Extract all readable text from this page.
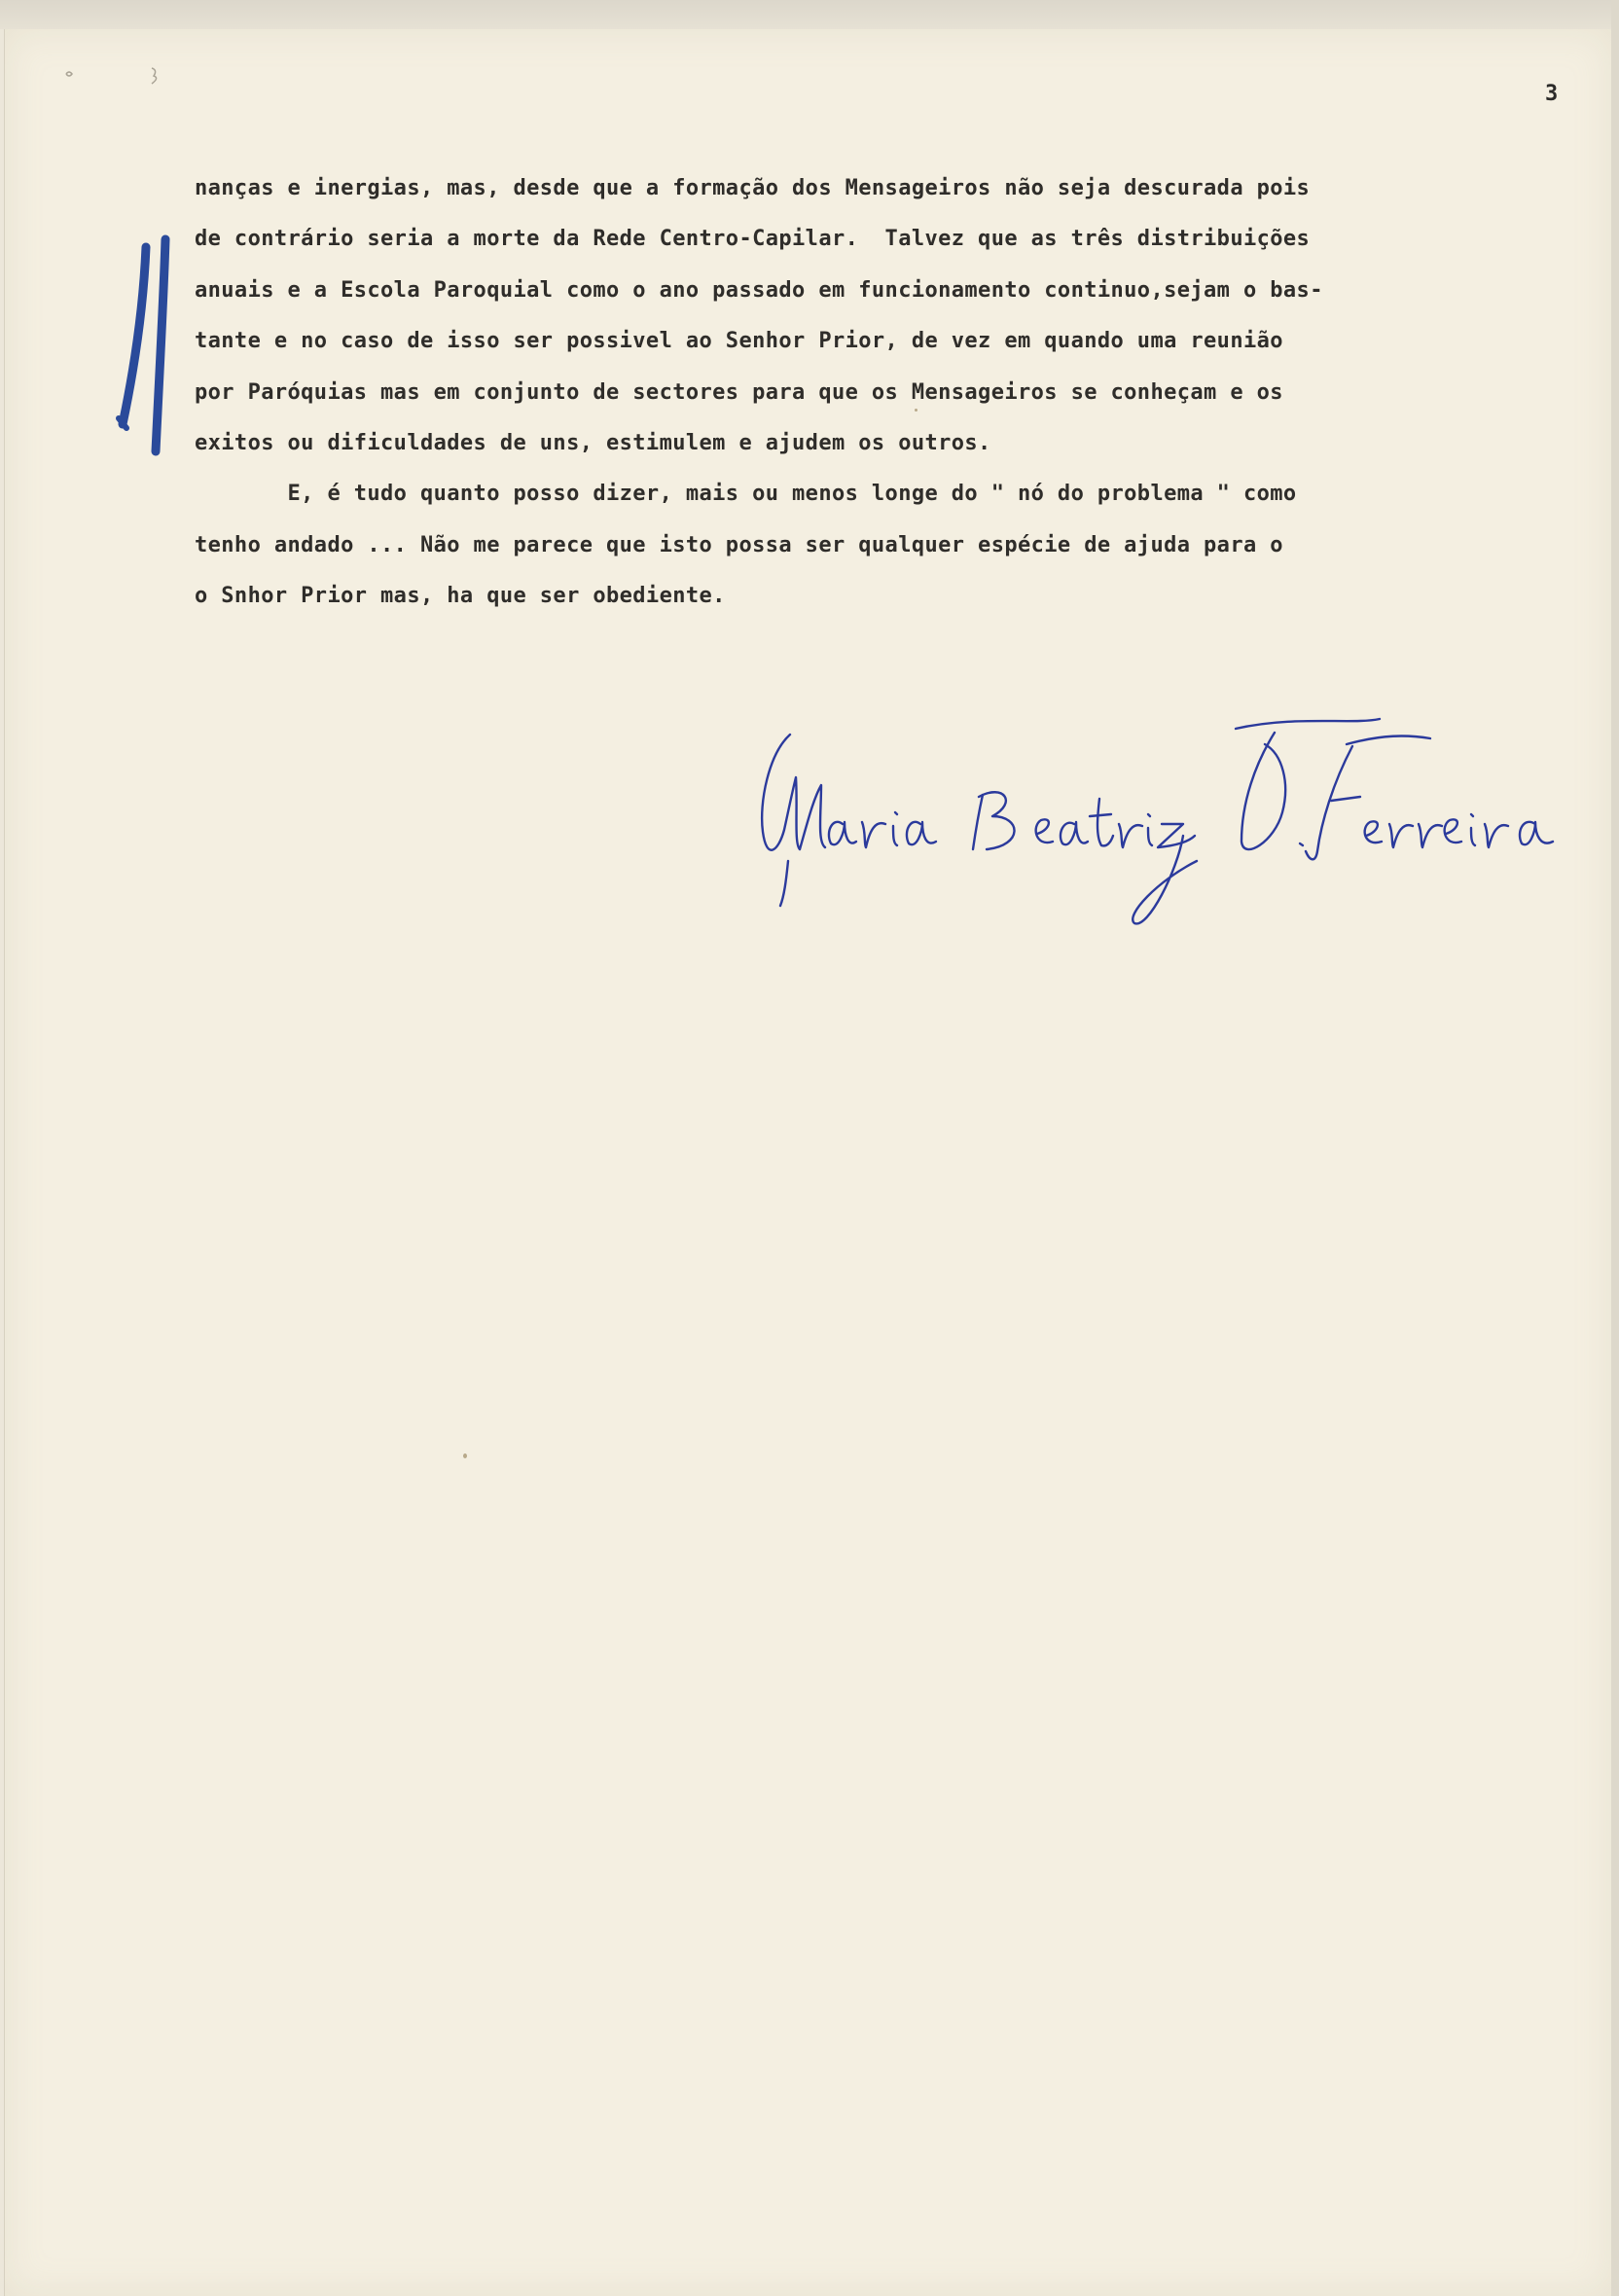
3
nanças e inergias, mas, desde que a formação dos Mensageiros não seja descurada pois
de contrário seria a morte da Rede Centro-Capilar.  Talvez que as três distribuições
anuais e a Escola Paroquial como o ano passado em funcionamento continuo,sejam o bas-
tante e no caso de isso ser possivel ao Senhor Prior, de vez em quando uma reunião
por Paróquias mas em conjunto de sectores para que os Mensageiros se conheçam e os
exitos ou dificuldades de uns, estimulem e ajudem os outros.
E, é tudo quanto posso dizer, mais ou menos longe do " nó do problema " como
tenho andado ... Não me parece que isto possa ser qualquer espécie de ajuda para o
o Snhor Prior mas, ha que ser obediente.
